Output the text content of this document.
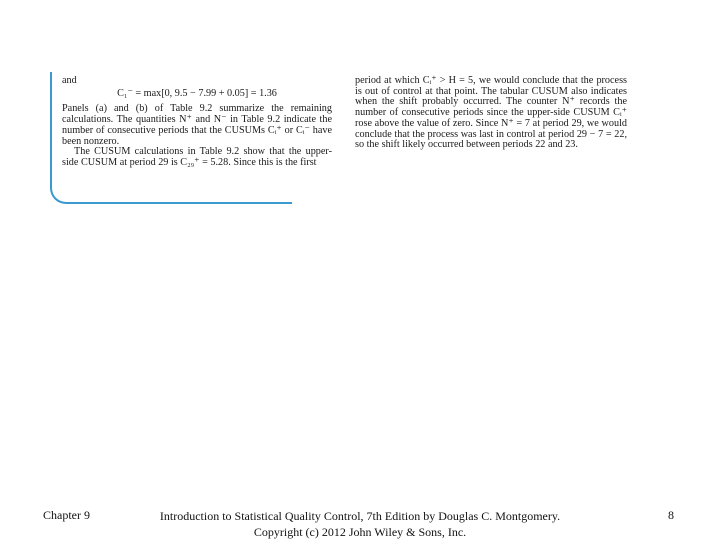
and

C₁⁻ = max[0, 9.5 − 7.99 + 0.05] = 1.36

Panels (a) and (b) of Table 9.2 summarize the remaining calculations. The quantities N⁺ and N⁻ in Table 9.2 indicate the number of consecutive periods that the CUSUMs Cᵢ⁺ or Cᵢ⁻ have been nonzero.

The CUSUM calculations in Table 9.2 show that the upper-side CUSUM at period 29 is C₂₉⁺ = 5.28. Since this is the first

period at which Cᵢ⁺ > H = 5, we would conclude that the process is out of control at that point. The tabular CUSUM also indicates when the shift probably occurred. The counter N⁺ records the number of consecutive periods since the upper-side CUSUM Cᵢ⁺ rose above the value of zero. Since N⁺ = 7 at period 29, we would conclude that the process was last in control at period 29 − 7 = 22, so the shift likely occurred between periods 22 and 23.

Chapter 9	Introduction to Statistical Quality Control, 7th Edition by Douglas C. Montgomery.
Copyright (c) 2012 John Wiley & Sons, Inc.
8
